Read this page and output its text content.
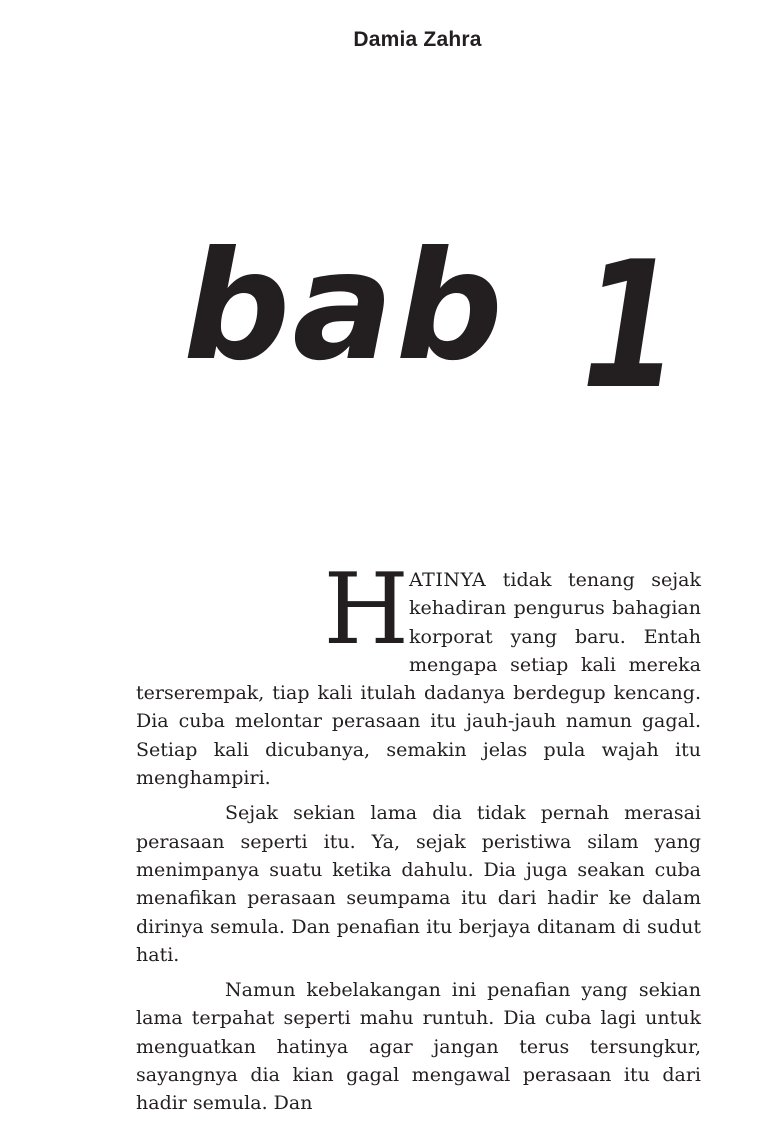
Damia Zahra
bab 1

H ATINYA tidak tenang sejak kehadiran pengurus bahagian korporat yang baru. Entah mengapa setiap kali mereka terserempak, tiap kali itulah dadanya berdegup kencang. Dia cuba melontar perasaan itu jauh-jauh namun gagal. Setiap kali dicubanya, semakin jelas pula wajah itu menghampiri.

Sejak sekian lama dia tidak pernah merasai perasaan seperti itu. Ya, sejak peristiwa silam yang menimpanya suatu ketika dahulu. Dia juga seakan cuba menafikan perasaan seumpama itu dari hadir ke dalam dirinya semula. Dan penafian itu berjaya ditanam di sudut hati.

Namun kebelakangan ini penafian yang sekian lama terpahat seperti mahu runtuh. Dia cuba lagi untuk menguatkan hatinya agar jangan terus tersungkur, sayangnya dia kian gagal mengawal perasaan itu dari hadir semula. Dan
